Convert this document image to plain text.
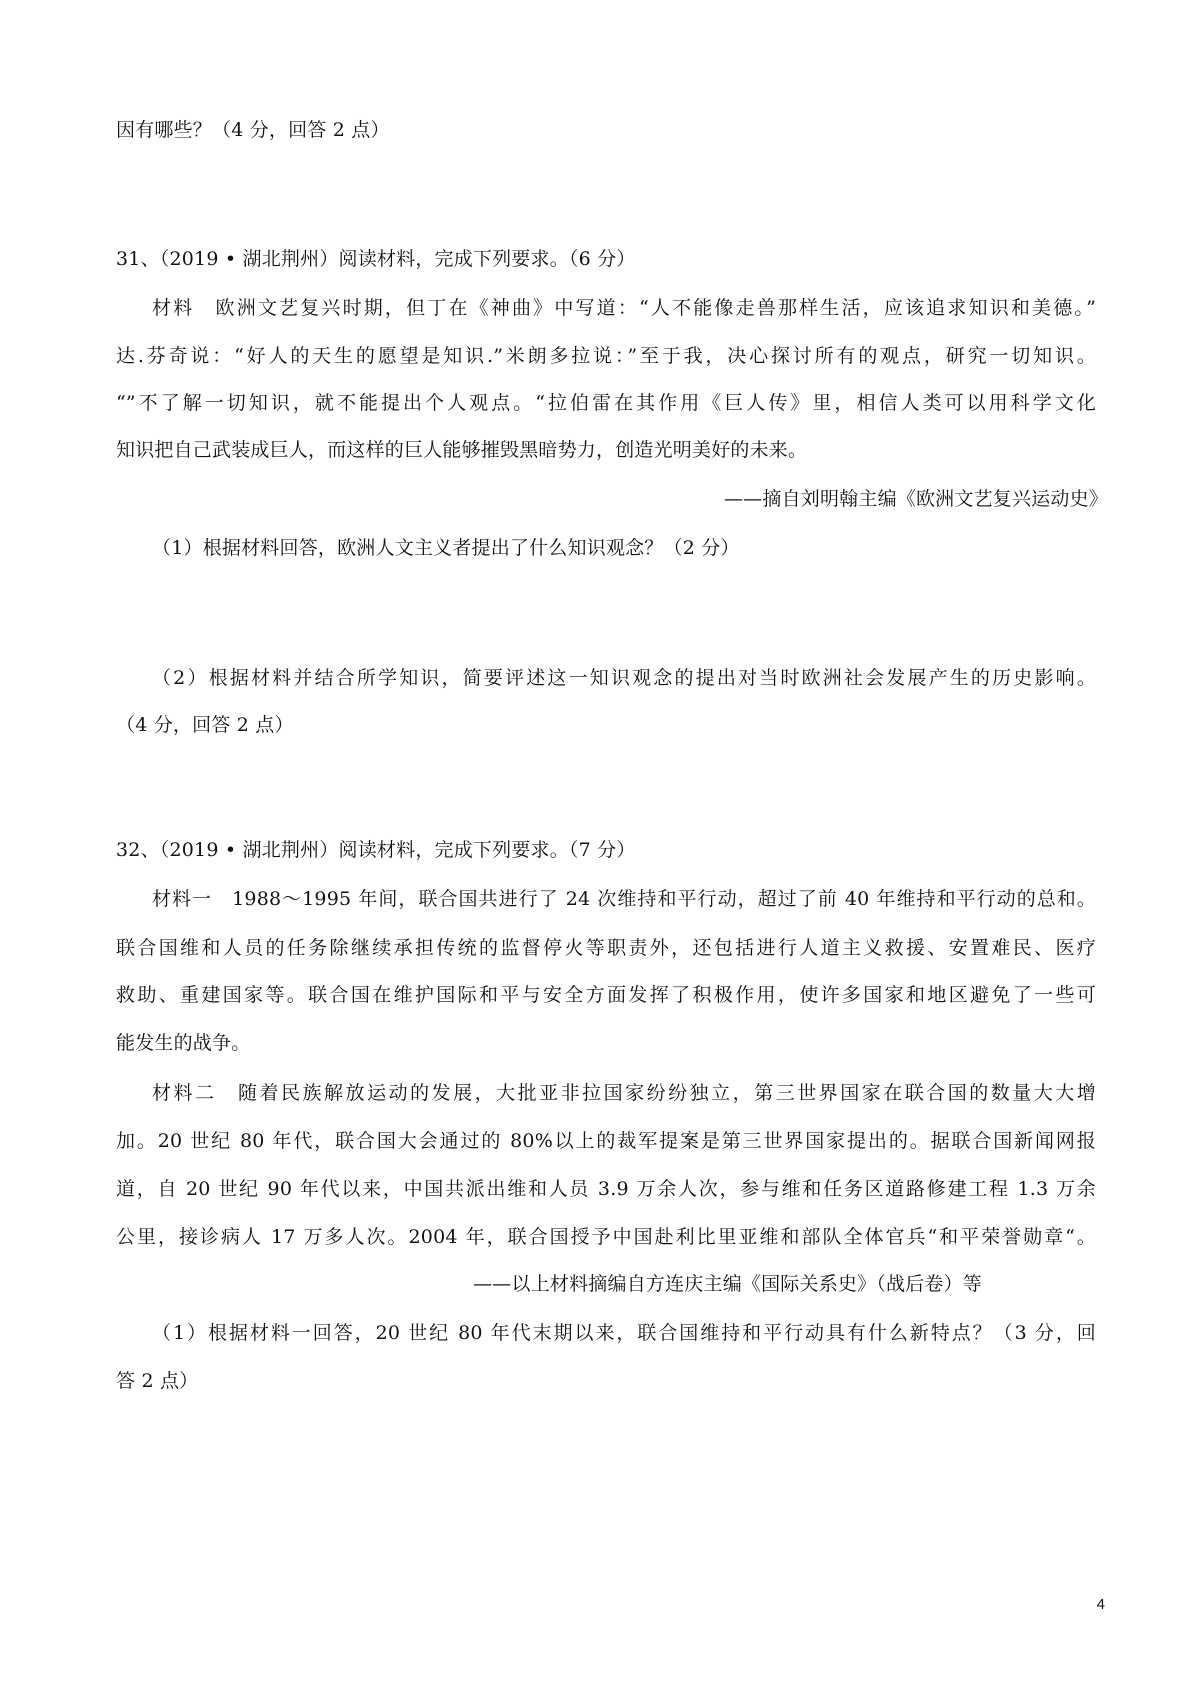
因有哪些？（4 分，回答 2 点）
31、（2019 • 湖北荆州）阅读材料，完成下列要求。（6 分）
材料　欧洲文艺复兴时期，但丁在《神曲》中写道：“人不能像走兽那样生活，应该追求知识和美德。”
达.芬奇说：“好人的天生的愿望是知识.”米朗多拉说：”至于我，决心探讨所有的观点，研究一切知识。
“”不了解一切知识，就不能提出个人观点。“拉伯雷在其作用《巨人传》里，相信人类可以用科学文化
知识把自己武装成巨人，而这样的巨人能够摧毁黑暗势力，创造光明美好的未来。
——摘自刘明翰主编《欧洲文艺复兴运动史》
（1）根据材料回答，欧洲人文主义者提出了什么知识观念？（2 分）
（2）根据材料并结合所学知识，简要评述这一知识观念的提出对当时欧洲社会发展产生的历史影响。
（4 分，回答 2 点）
32、（2019 • 湖北荆州）阅读材料，完成下列要求。（7 分）
材料一　1988～1995 年间，联合国共进行了 24 次维持和平行动，超过了前 40 年维持和平行动的总和。
联合国维和人员的任务除继续承担传统的监督停火等职责外，还包括进行人道主义救援、安置难民、医疗
救助、重建国家等。联合国在维护国际和平与安全方面发挥了积极作用，使许多国家和地区避免了一些可
能发生的战争。
材料二　随着民族解放运动的发展，大批亚非拉国家纷纷独立，第三世界国家在联合国的数量大大增
加。20 世纪 80 年代，联合国大会通过的 80%以上的裁军提案是第三世界国家提出的。据联合国新闻网报
道，自 20 世纪 90 年代以来，中国共派出维和人员 3.9 万余人次，参与维和任务区道路修建工程 1.3 万余
公里，接诊病人 17 万多人次。2004 年，联合国授予中国赴利比里亚维和部队全体官兵“和平荣誉勋章“。
——以上材料摘编自方连庆主编《国际关系史》（战后卷）等
（1）根据材料一回答，20 世纪 80 年代末期以来，联合国维持和平行动具有什么新特点？（3 分，回
答 2 点）
4
